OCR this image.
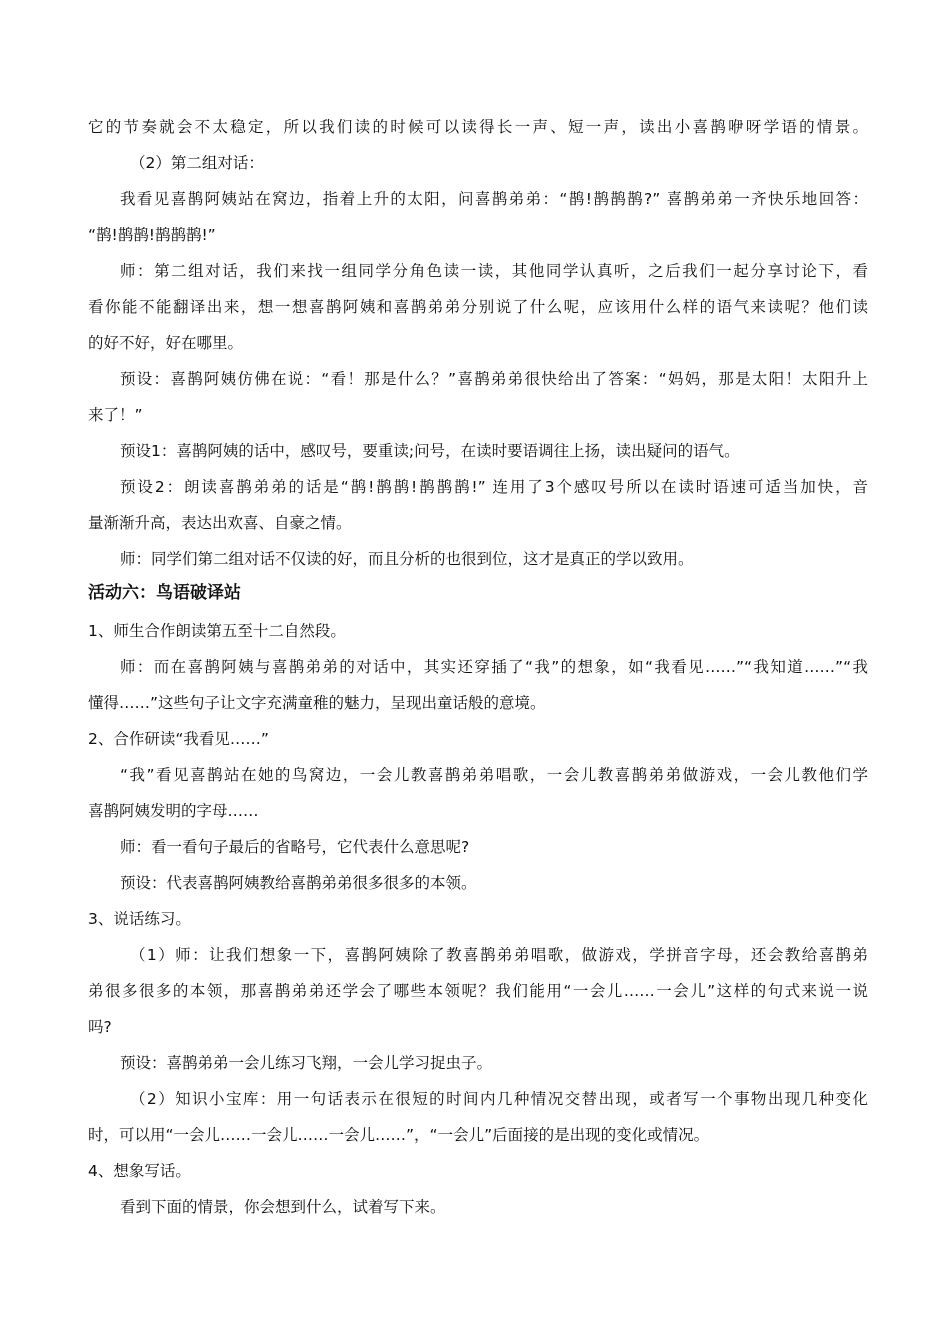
它的节奏就会不太稳定，所以我们读的时候可以读得长一声、短一声，读出小喜鹊咿呀学语的情景。
（2）第二组对话：
我看见喜鹊阿姨站在窝边，指着上升的太阳，问喜鹊弟弟：“鹊!鹊鹊鹊?” 喜鹊弟弟一齐快乐地回答：
“鹊!鹊鹊!鹊鹊鹊!”
师：第二组对话，我们来找一组同学分角色读一读，其他同学认真听，之后我们一起分享讨论下，看
看你能不能翻译出来，想一想喜鹊阿姨和喜鹊弟弟分别说了什么呢，应该用什么样的语气来读呢？他们读
的好不好，好在哪里。
预设：喜鹊阿姨仿佛在说：“看！那是什么？”喜鹊弟弟很快给出了答案：“妈妈，那是太阳！太阳升上
来了！”
预设1：喜鹊阿姨的话中，感叹号，要重读;问号，在读时要语调往上扬，读出疑问的语气。
预设2：朗读喜鹊弟弟的话是“鹊!鹊鹊!鹊鹊鹊!” 连用了3个感叹号所以在读时语速可适当加快，音
量渐渐升高，表达出欢喜、自豪之情。
师：同学们第二组对话不仅读的好，而且分析的也很到位，这才是真正的学以致用。
活动六：鸟语破译站
1、师生合作朗读第五至十二自然段。
师：而在喜鹊阿姨与喜鹊弟弟的对话中，其实还穿插了“我”的想象，如“我看见……”“我知道……”“我
懂得……”这些句子让文字充满童稚的魅力，呈现出童话般的意境。
2、合作研读“我看见……”
“我”看见喜鹊站在她的鸟窝边，一会儿教喜鹊弟弟唱歌，一会儿教喜鹊弟弟做游戏，一会儿教他们学
喜鹊阿姨发明的字母……
师：看一看句子最后的省略号，它代表什么意思呢?
预设：代表喜鹊阿姨教给喜鹊弟弟很多很多的本领。
3、说话练习。
（1）师：让我们想象一下，喜鹊阿姨除了教喜鹊弟弟唱歌，做游戏，学拼音字母，还会教给喜鹊弟
弟很多很多的本领，那喜鹊弟弟还学会了哪些本领呢？我们能用“一会儿……一会儿”这样的句式来说一说
吗?
预设：喜鹊弟弟一会儿练习飞翔，一会儿学习捉虫子。
（2）知识小宝库：用一句话表示在很短的时间内几种情况交替出现，或者写一个事物出现几种变化
时，可以用“一会儿……一会儿……一会儿……”，“一会儿”后面接的是出现的变化或情况。
4、想象写话。
看到下面的情景，你会想到什么，试着写下来。
